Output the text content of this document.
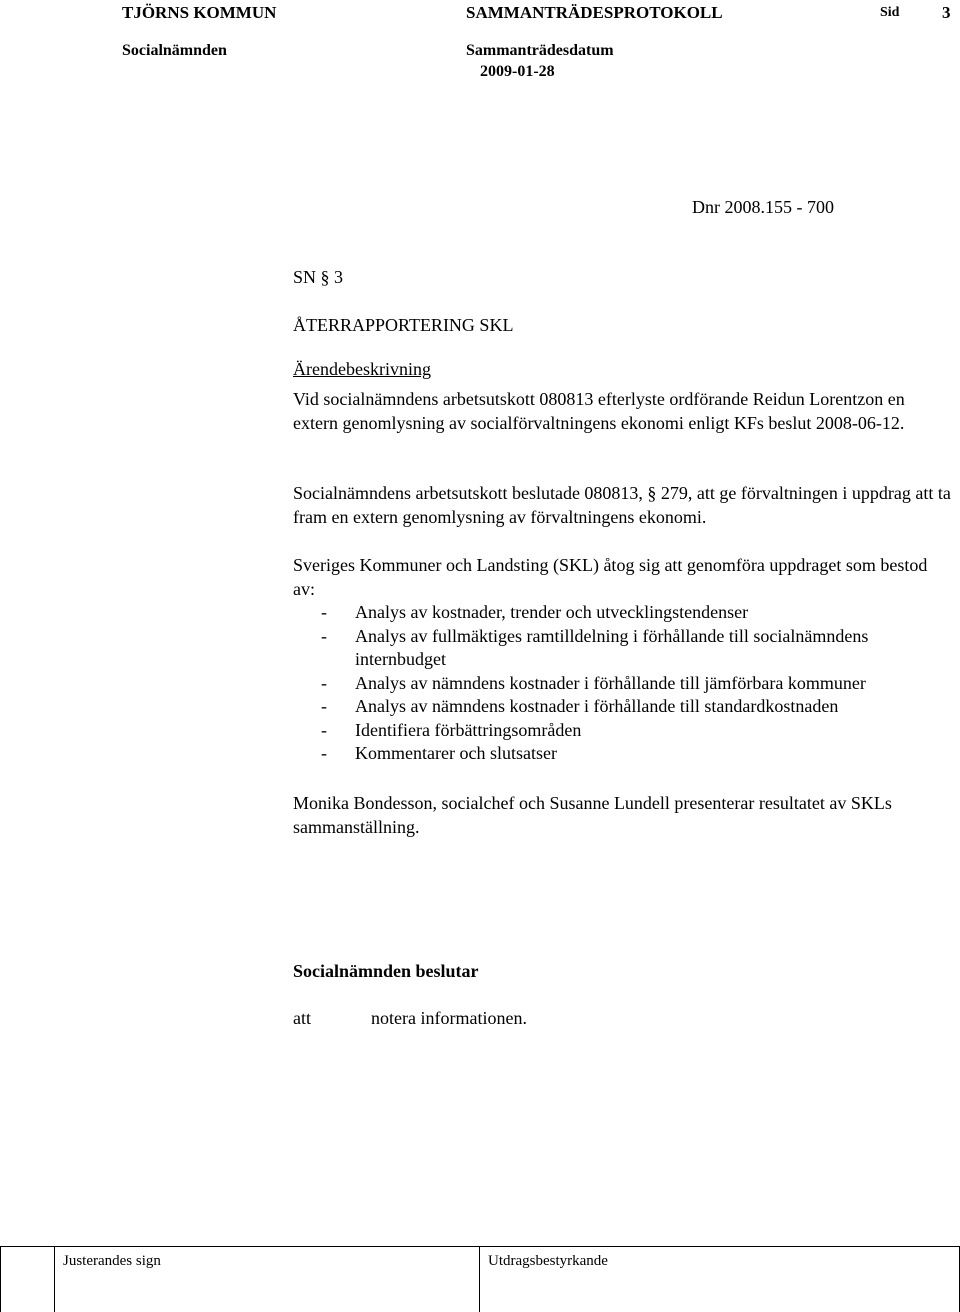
TJÖRNS KOMMUN	SAMMANTRÄDESPROTOKOLL	Sid	3
Socialnämnden	Sammanträdesdatum
2009-01-28
Dnr 2008.155 - 700
SN § 3
ÅTERRAPPORTERING SKL
Ärendebeskrivning
Vid socialnämndens arbetsutskott 080813 efterlyste ordförande Reidun Lorentzon en extern genomlysning av socialförvaltningens ekonomi enligt KFs beslut 2008-06-12.
Socialnämndens arbetsutskott beslutade 080813, § 279, att ge förvaltningen i uppdrag att ta fram en extern genomlysning av förvaltningens ekonomi.
Sveriges Kommuner och Landsting (SKL) åtog sig att genomföra uppdraget som bestod av:
- Analys av kostnader, trender och utvecklingstendenser
- Analys av fullmäktiges ramtilldelning i förhållande till socialnämndens internbudget
- Analys av nämndens kostnader i förhållande till jämförbara kommuner
- Analys av nämndens kostnader i förhållande till standardkostnaden
- Identifiera förbättringsområden
- Kommentarer och slutsatser
Monika Bondesson, socialchef och Susanne Lundell presenterar resultatet av SKLs sammanställning.
Socialnämnden beslutar
att	notera informationen.
Justerandes sign	Utdragsbestyrkande
